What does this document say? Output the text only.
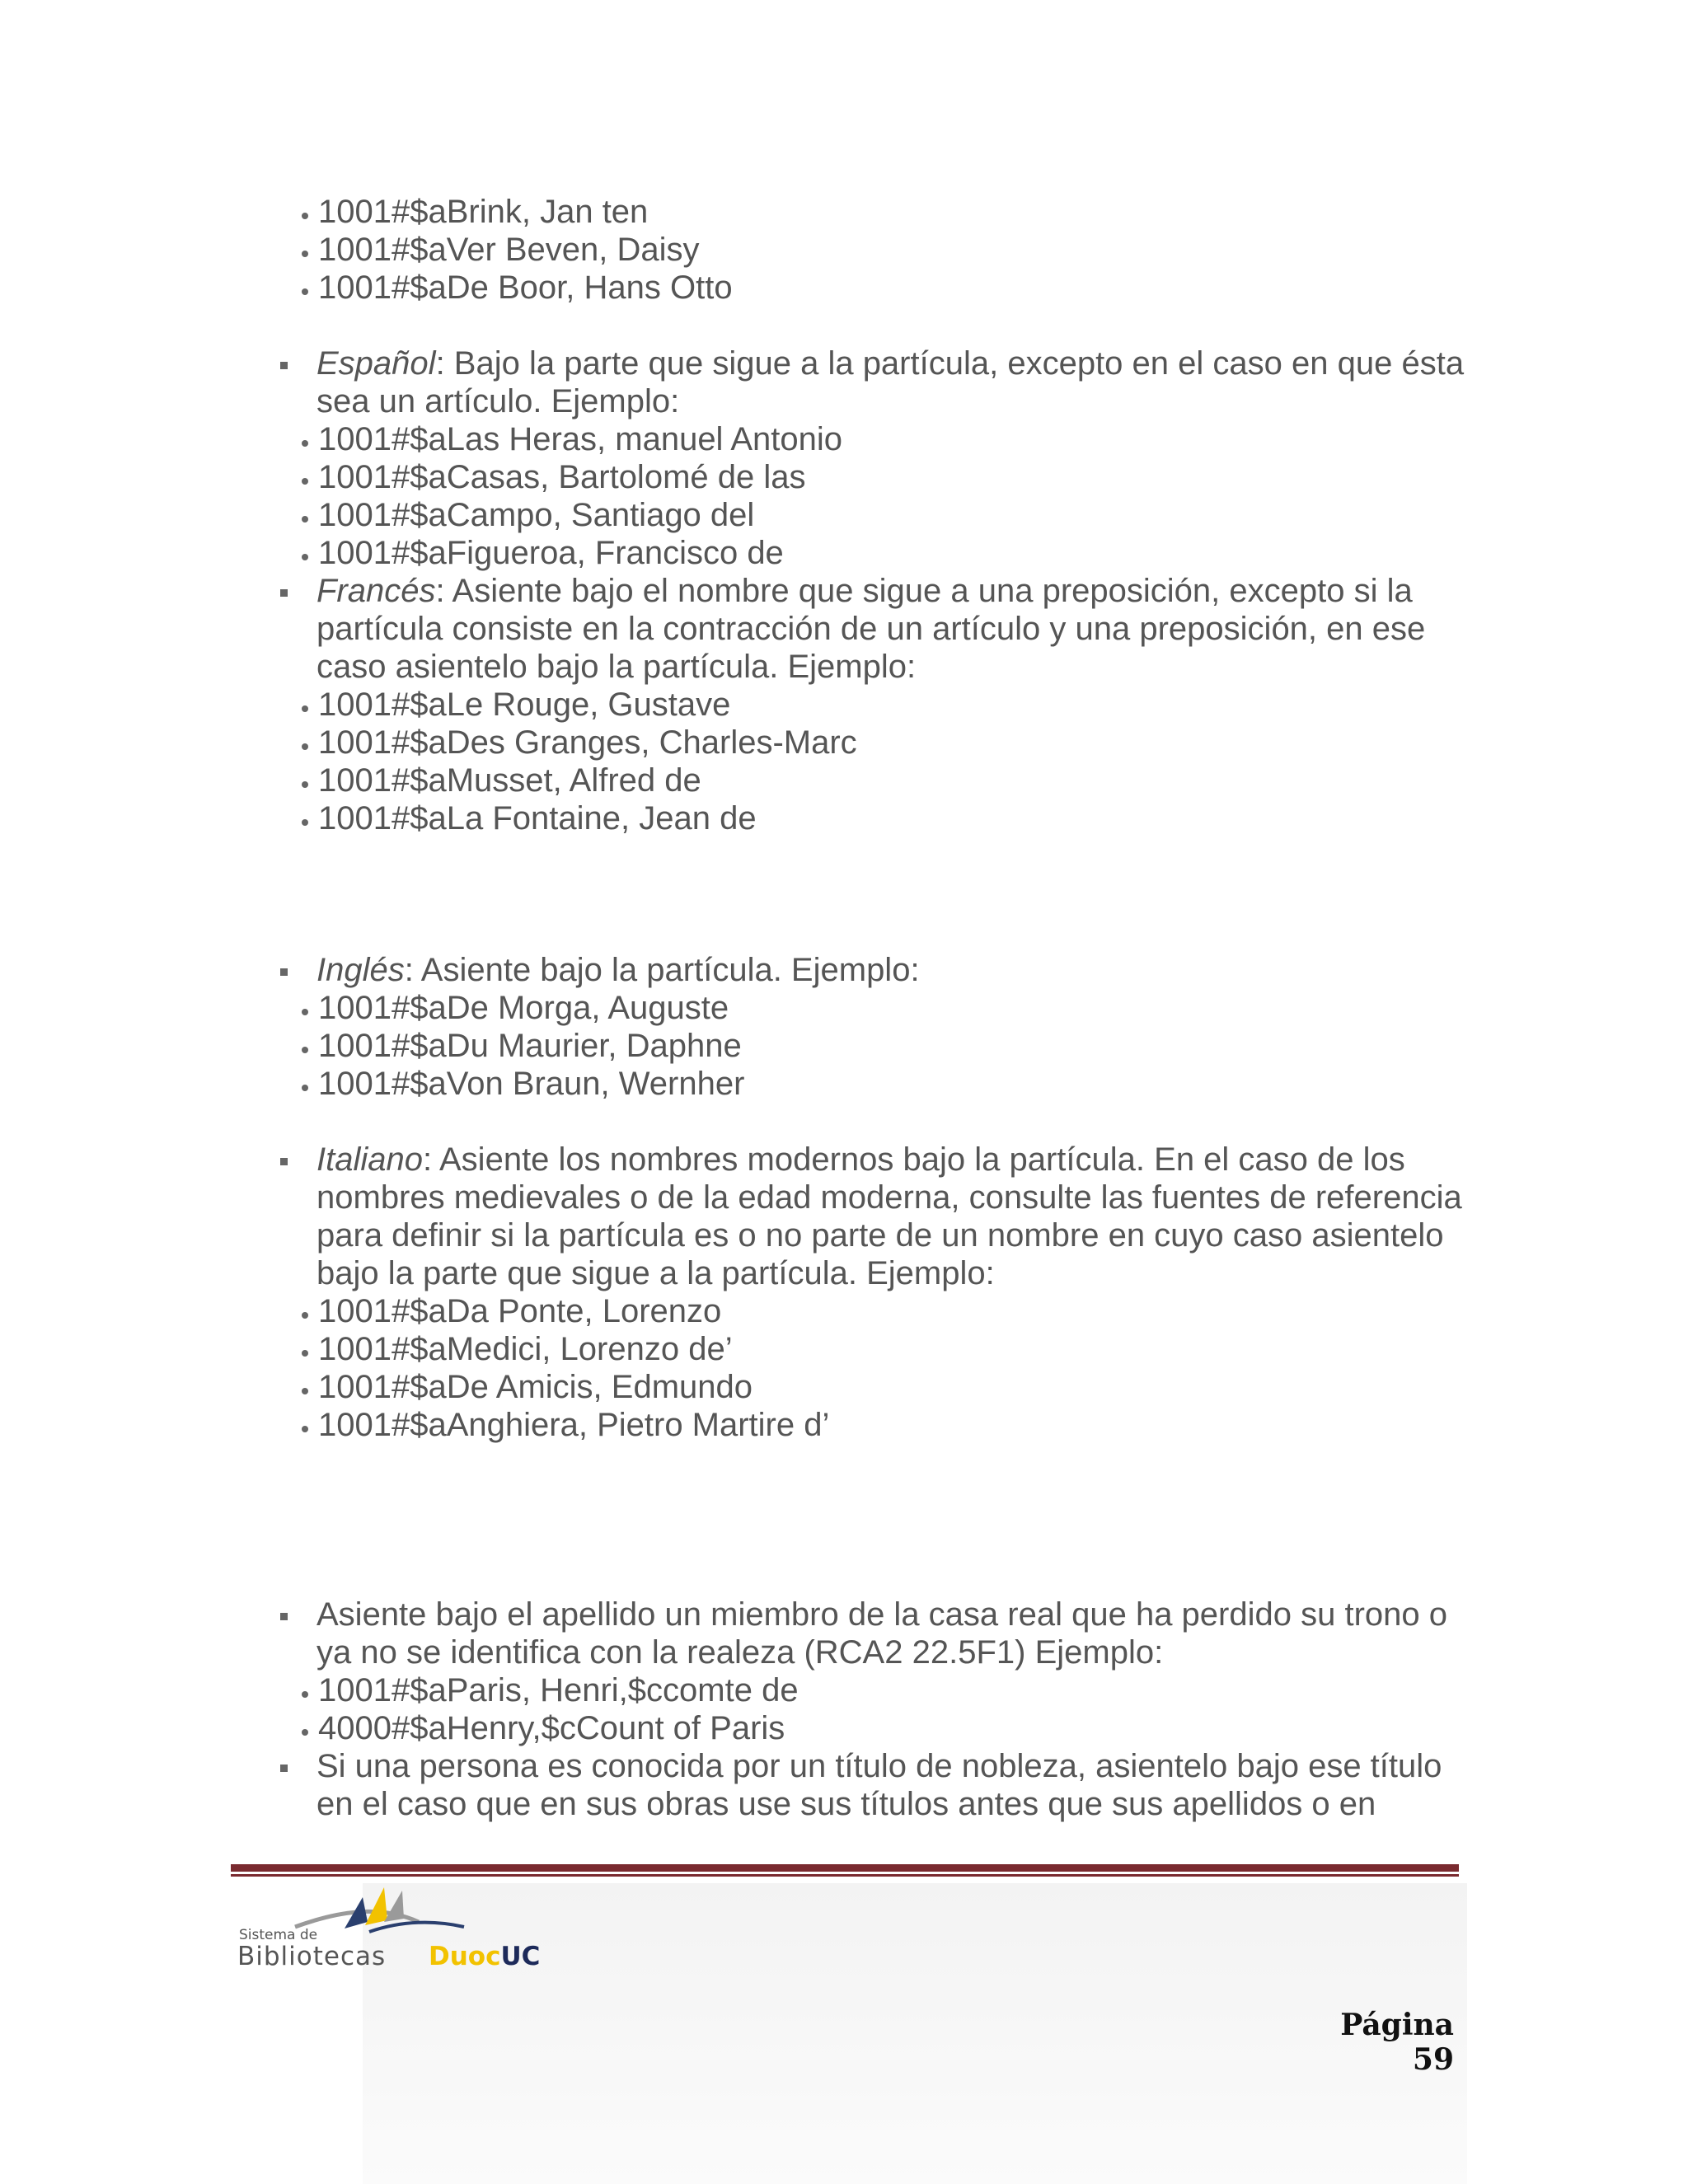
1001#$aBrink, Jan ten
1001#$aVer Beven, Daisy
1001#$aDe Boor, Hans Otto
Español: Bajo la parte que sigue a la partícula, excepto en el caso en que ésta sea un artículo. Ejemplo:
1001#$aLas Heras, manuel Antonio
1001#$aCasas, Bartolomé de las
1001#$aCampo, Santiago del
1001#$aFigueroa, Francisco de
Francés: Asiente bajo el nombre que sigue a una preposición, excepto si la partícula consiste en la contracción de un artículo y una preposición, en ese caso asientelo bajo la partícula. Ejemplo:
1001#$aLe Rouge, Gustave
1001#$aDes Granges, Charles-Marc
1001#$aMusset, Alfred de
1001#$aLa Fontaine, Jean de
Inglés: Asiente bajo la partícula. Ejemplo:
1001#$aDe Morga, Auguste
1001#$aDu Maurier, Daphne
1001#$aVon Braun, Wernher
Italiano: Asiente los nombres modernos bajo la partícula. En el caso de los nombres medievales o de la edad moderna, consulte las fuentes de referencia para definir si la partícula es o no parte de un nombre en cuyo caso asientelo bajo la parte que sigue a la partícula. Ejemplo:
1001#$aDa Ponte, Lorenzo
1001#$aMedici, Lorenzo de’
1001#$aDe Amicis, Edmundo
1001#$aAnghiera, Pietro Martire d’
Asiente bajo el apellido un miembro de la casa real que ha perdido su trono o ya no se identifica con la realeza (RCA2 22.5F1) Ejemplo:
1001#$aParis, Henri,$ccomte de
4000#$aHenry,$cCount of Paris
Si una persona es conocida por un título de nobleza, asientelo bajo ese título en el caso que en sus obras use sus títulos antes que sus apellidos o en
Sistema de
Bibliotecas DuocUC
Página 59
